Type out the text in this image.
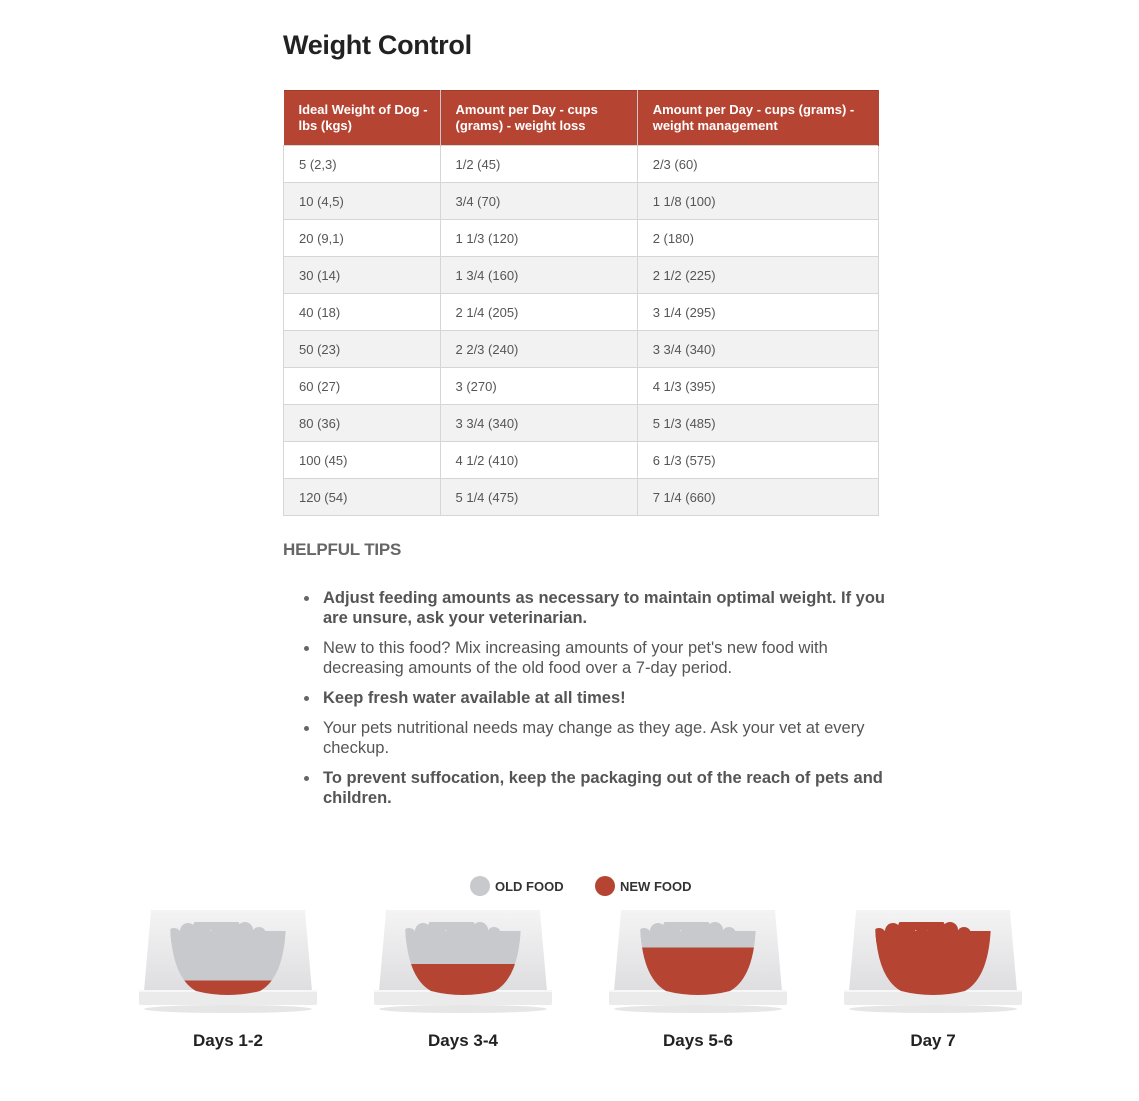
Weight Control
Ideal Weight of Dog - lbs (kgs)	Amount per Day - cups (grams) - weight loss	Amount per Day - cups (grams) - weight management
5 (2,3)	1/2 (45)	2/3 (60)
10 (4,5)	3/4 (70)	1 1/8 (100)
20 (9,1)	1 1/3 (120)	2 (180)
30 (14)	1 3/4 (160)	2 1/2 (225)
40 (18)	2 1/4 (205)	3 1/4 (295)
50 (23)	2 2/3 (240)	3 3/4 (340)
60 (27)	3 (270)	4 1/3 (395)
80 (36)	3 3/4 (340)	5 1/3 (485)
100 (45)	4 1/2 (410)	6 1/3 (575)
120 (54)	5 1/4 (475)	7 1/4 (660)
HELPFUL TIPS
Adjust feeding amounts as necessary to maintain optimal weight. If you are unsure, ask your veterinarian.
New to this food? Mix increasing amounts of your pet's new food with decreasing amounts of the old food over a 7-day period.
Keep fresh water available at all times!
Your pets nutritional needs may change as they age. Ask your vet at every checkup.
To prevent suffocation, keep the packaging out of the reach of pets and children.
OLD FOOD	NEW FOOD
Days 1-2	Days 3-4	Days 5-6	Day 7
